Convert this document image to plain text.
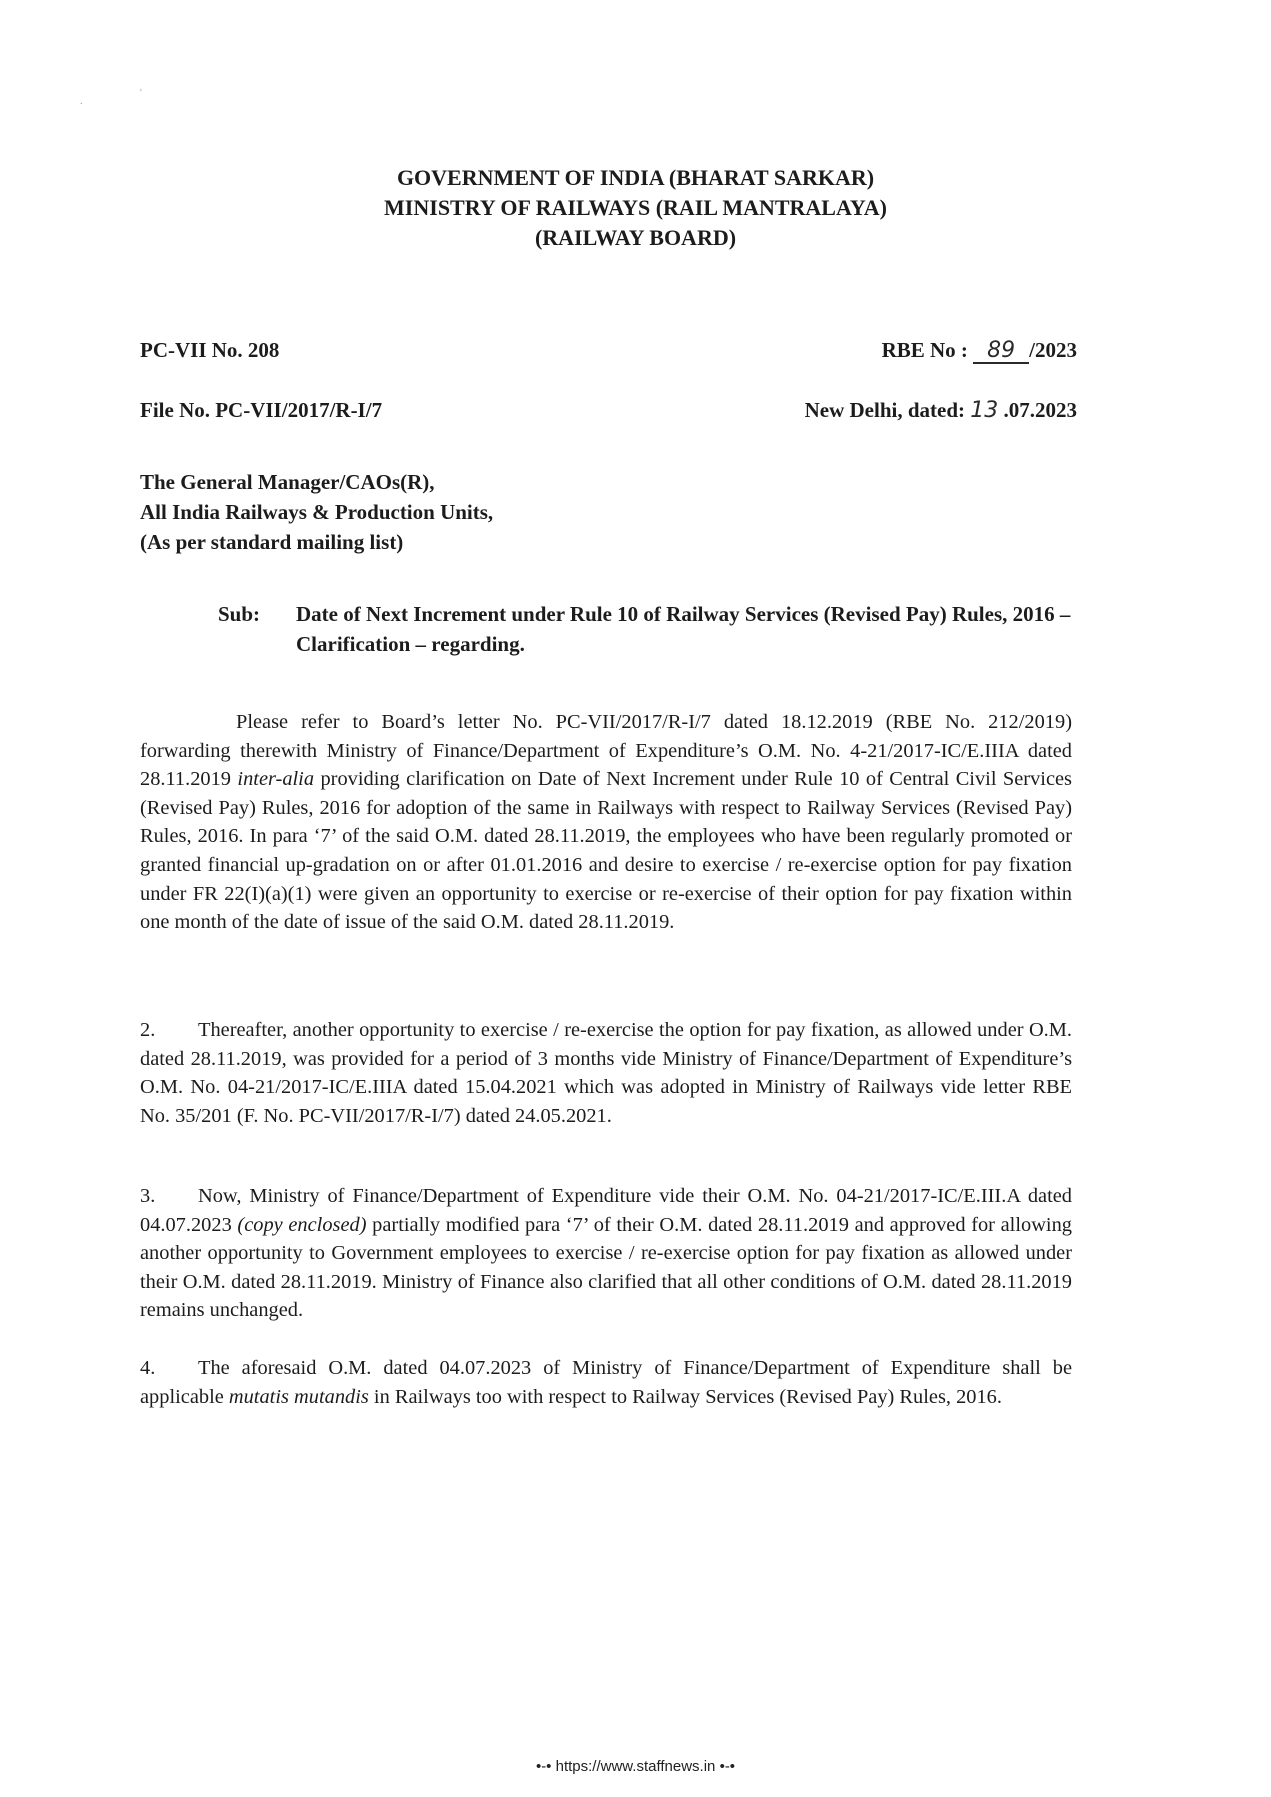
.
'
GOVERNMENT OF INDIA (BHARAT SARKAR)
MINISTRY OF RAILWAYS (RAIL MANTRALAYA)
(RAILWAY BOARD)
PC-VII No. 208	RBE No : 89 /2023
File No. PC-VII/2017/R-I/7	New Delhi, dated: 13 .07.2023
The General Manager/CAOs(R),
All India Railways & Production Units,
(As per standard mailing list)
Sub:	Date of Next Increment under Rule 10 of Railway Services (Revised Pay) Rules, 2016 – Clarification – regarding.

Please refer to Board’s letter No. PC-VII/2017/R-I/7 dated 18.12.2019 (RBE No. 212/2019) forwarding therewith Ministry of Finance/Department of Expenditure’s O.M. No. 4-21/2017-IC/E.IIIA dated 28.11.2019 inter-alia providing clarification on Date of Next Increment under Rule 10 of Central Civil Services (Revised Pay) Rules, 2016 for adoption of the same in Railways with respect to Railway Services (Revised Pay) Rules, 2016. In para ‘7’ of the said O.M. dated 28.11.2019, the employees who have been regularly promoted or granted financial up-gradation on or after 01.01.2016 and desire to exercise / re-exercise option for pay fixation under FR 22(I)(a)(1) were given an opportunity to exercise or re-exercise of their option for pay fixation within one month of the date of issue of the said O.M. dated 28.11.2019.

2. Thereafter, another opportunity to exercise / re-exercise the option for pay fixation, as allowed under O.M. dated 28.11.2019, was provided for a period of 3 months vide Ministry of Finance/Department of Expenditure’s O.M. No. 04-21/2017-IC/E.IIIA dated 15.04.2021 which was adopted in Ministry of Railways vide letter RBE No. 35/201 (F. No. PC-VII/2017/R-I/7) dated 24.05.2021.

3. Now, Ministry of Finance/Department of Expenditure vide their O.M. No. 04-21/2017-IC/E.III.A dated 04.07.2023 (copy enclosed) partially modified para ‘7’ of their O.M. dated 28.11.2019 and approved for allowing another opportunity to Government employees to exercise / re-exercise option for pay fixation as allowed under their O.M. dated 28.11.2019. Ministry of Finance also clarified that all other conditions of O.M. dated 28.11.2019 remains unchanged.

4. The aforesaid O.M. dated 04.07.2023 of Ministry of Finance/Department of Expenditure shall be applicable mutatis mutandis in Railways too with respect to Railway Services (Revised Pay) Rules, 2016.

•-• https://www.staffnews.in •-•
